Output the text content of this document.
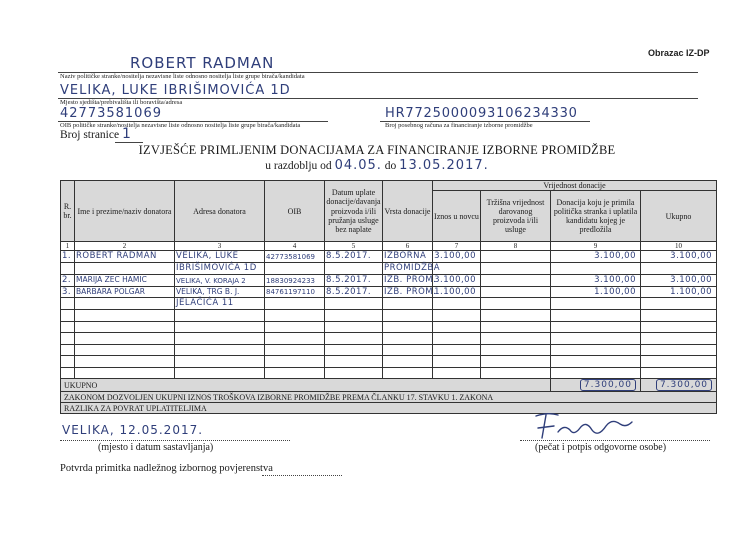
Obrazac IZ-DP
ROBERT RADMAN
Naziv političke stranke/nositelja nezavisne liste odnosno nositelja liste grupe birača/kandidata
VELIKA, LUKE IBRIŠIMOVIĆA 1D
Mjesto sjedišta/prebivališta ili boravišta/adresa
42773581069
OIB političke stranke/nositelja nezavisne liste odnosno nositelja liste grupe birača/kandidata
HR7725000093106234330
Broj posebnog računa za financiranje izborne promidžbe
Broj stranice 1
IZVJEŠĆE PRIMLJENIM DONACIJAMA ZA FINANCIRANJE IZBORNE PROMIDŽBE
u razdoblju od 04.05. do 13.05.2017.
R. br.	Ime i prezime/naziv donatora	Adresa donatora	OIB	Datum uplate donacije/davanja proizvoda i/ili pružanja usluge bez naplate	Vrsta donacije	Vrijednost donacije			
						Iznos u novcu	Tržišna vrijednost darovanog proizvoda i/ili usluge	Donacija koju je primila politička stranka i uplatila kandidatu kojeg je predložila	Ukupno
1	2	3	4	5	6	7	8	9	10
1.	ROBERT RADMAN	VELIKA, LUKE	42773581069	8.5.2017.	IZBORNA	3.100,00		3.100,00	3.100,00
		IBRIŠIMOVIĆA 1D			PROMIDŽBA				
2.	MARIJA ZEC HAMIC	VELIKA, V. KORAJA 2	18830924233	8.5.2017.	IZB. PROM.	3.100,00		3.100,00	3.100,00
3.	BARBARA POLGAR	VELIKA, TRG B. J.	84761197110	8.5.2017.	IZB. PROM.	1.100,00		1.100,00	1.100,00
		JELAČIĆA 11							

UKUPNO								7.300,00	7.300,00
ZAKONOM DOZVOLJEN UKUPNI IZNOS TROŠKOVA IZBORNE PROMIDŽBE PREMA ČLANKU 17. STAVKU 1. ZAKONA									
RAZLIKA ZA POVRAT UPLATITELJIMA									
VELIKA, 12.05.2017.
(mjesto i datum sastavljanja)	(pečat i potpis odgovorne osobe)
Potvrda primitka nadležnog izbornog povjerenstva
